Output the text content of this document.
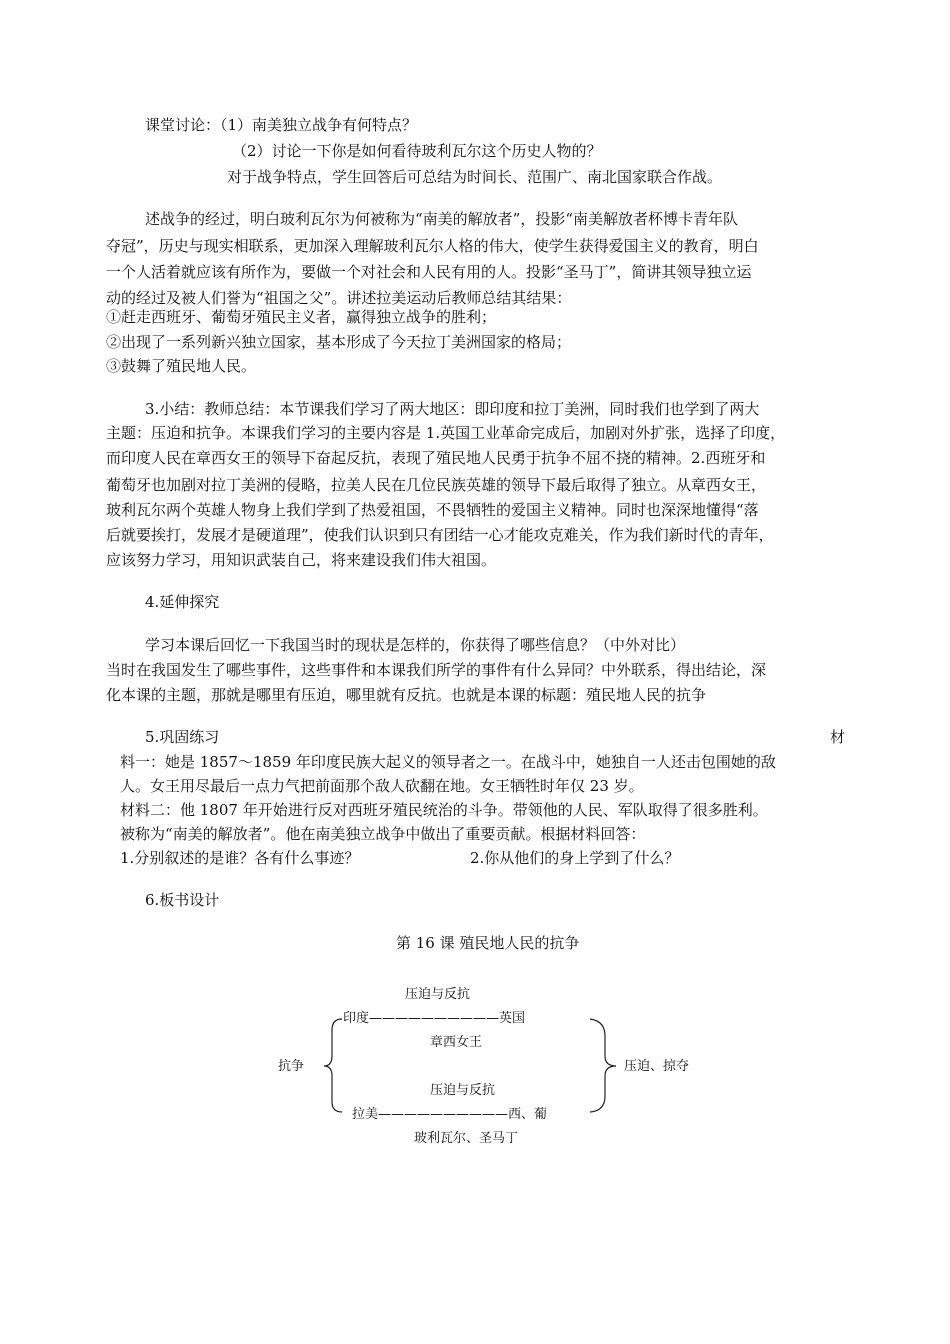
课堂讨论：（1）南美独立战争有何特点？
（2）讨论一下你是如何看待玻利瓦尔这个历史人物的？
对于战争特点，学生回答后可总结为时间长、范围广、南北国家联合作战。
述战争的经过，明白玻利瓦尔为何被称为“南美的解放者”，投影“南美解放者杯博卡青年队
夺冠”，历史与现实相联系，更加深入理解玻利瓦尔人格的伟大，使学生获得爱国主义的教育，明白
一个人活着就应该有所作为，要做一个对社会和人民有用的人。投影“圣马丁”，简讲其领导独立运
动的经过及被人们誉为“祖国之父”。讲述拉美运动后教师总结其结果：
①赶走西班牙、葡萄牙殖民主义者，赢得独立战争的胜利；
②出现了一系列新兴独立国家，基本形成了今天拉丁美洲国家的格局；
③鼓舞了殖民地人民。
3.小结：教师总结：本节课我们学习了两大地区：即印度和拉丁美洲，同时我们也学到了两大
主题：压迫和抗争。本课我们学习的主要内容是 1.英国工业革命完成后，加剧对外扩张，选择了印度，
而印度人民在章西女王的领导下奋起反抗，表现了殖民地人民勇于抗争不屈不挠的精神。2.西班牙和
葡萄牙也加剧对拉丁美洲的侵略，拉美人民在几位民族英雄的领导下最后取得了独立。从章西女王，
玻利瓦尔两个英雄人物身上我们学到了热爱祖国，不畏牺牲的爱国主义精神。同时也深深地懂得“落
后就要挨打，发展才是硬道理”，使我们认识到只有团结一心才能攻克难关，作为我们新时代的青年，
应该努力学习，用知识武装自己，将来建设我们伟大祖国。
4.延伸探究
学习本课后回忆一下我国当时的现状是怎样的，你获得了哪些信息？（中外对比）
当时在我国发生了哪些事件，这些事件和本课我们所学的事件有什么异同？中外联系，得出结论，深
化本课的主题，那就是哪里有压迫，哪里就有反抗。也就是本课的标题：殖民地人民的抗争
5.巩固练习	材
料一：她是 1857～1859 年印度民族大起义的领导者之一。在战斗中，她独自一人还击包围她的敌
人。女王用尽最后一点力气把前面那个敌人砍翻在地。女王牺牲时年仅 23 岁。
材料二：他 1807 年开始进行反对西班牙殖民统治的斗争。带领他的人民、军队取得了很多胜利。
被称为“南美的解放者”。他在南美独立战争中做出了重要贡献。根据材料回答：
1.分别叙述的是谁？各有什么事迹？	2.你从他们的身上学到了什么？
6.板书设计
第 16 课 殖民地人民的抗争
抗争
压迫与反抗
印度——————————英国
章西女王
压迫与反抗
拉美——————————西、葡
玻利瓦尔、圣马丁
压迫、掠夺
